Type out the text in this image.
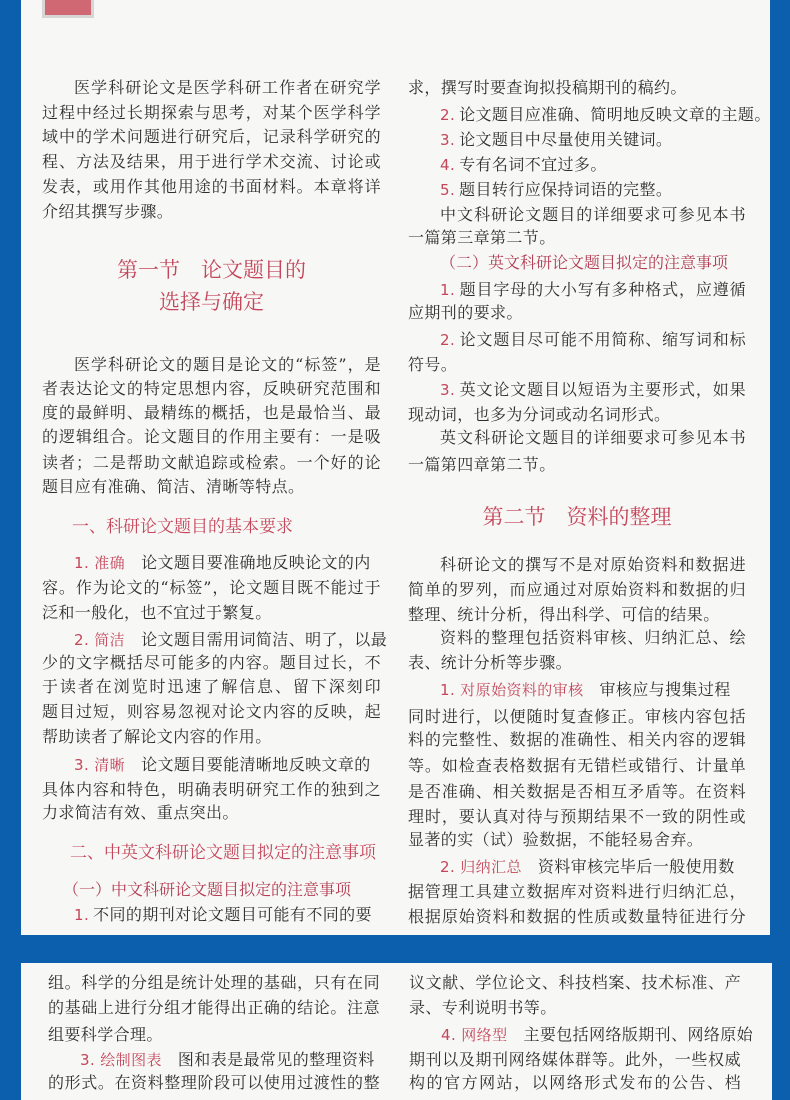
医学科研论文是医学科研工作者在研究学
过程中经过长期探索与思考，对某个医学科学
域中的学术问题进行研究后，记录科学研究的
程、方法及结果，用于进行学术交流、讨论或
发表，或用作其他用途的书面材料。本章将详
介绍其撰写步骤。
第一节　论文题目的
选择与确定
医学科研论文的题目是论文的“标签”，是
者表达论文的特定思想内容，反映研究范围和
度的最鲜明、最精练的概括，也是最恰当、最
的逻辑组合。论文题目的作用主要有：一是吸
读者；二是帮助文献追踪或检索。一个好的论
题目应有准确、简洁、清晰等特点。
一、科研论文题目的基本要求
1. 准确 论文题目要准确地反映论文的内
容。作为论文的“标签”，论文题目既不能过于
泛和一般化，也不宜过于繁复。
2. 简洁 论文题目需用词简洁、明了，以最
少的文字概括尽可能多的内容。题目过长，不
于读者在浏览时迅速了解信息、留下深刻印
题目过短，则容易忽视对论文内容的反映，起
帮助读者了解论文内容的作用。
3. 清晰 论文题目要能清晰地反映文章的
具体内容和特色，明确表明研究工作的独到之
力求简洁有效、重点突出。
二、中英文科研论文题目拟定的注意事项
（一）中文科研论文题目拟定的注意事项
1. 不同的期刊对论文题目可能有不同的要
求，撰写时要查询拟投稿期刊的稿约。
2. 论文题目应准确、简明地反映文章的主题。
3. 论文题目中尽量使用关键词。
4. 专有名词不宜过多。
5. 题目转行应保持词语的完整。
中文科研论文题目的详细要求可参见本书
一篇第三章第二节。
（二）英文科研论文题目拟定的注意事项
1. 题目字母的大小写有多种格式，应遵循
应期刊的要求。
2. 论文题目尽可能不用简称、缩写词和标
符号。
3. 英文论文题目以短语为主要形式，如果
现动词，也多为分词或动名词形式。
英文科研论文题目的详细要求可参见本书
一篇第四章第二节。
第二节　资料的整理
科研论文的撰写不是对原始资料和数据进
简单的罗列，而应通过对原始资料和数据的归
整理、统计分析，得出科学、可信的结果。
资料的整理包括资料审核、归纳汇总、绘
表、统计分析等步骤。
1. 对原始资料的审核 审核应与搜集过程
同时进行，以便随时复查修正。审核内容包括
料的完整性、数据的准确性、相关内容的逻辑
等。如检查表格数据有无错栏或错行、计量单
是否准确、相关数据是否相互矛盾等。在资料
理时，要认真对待与预期结果不一致的阴性或
显著的实（试）验数据，不能轻易舍弃。
2. 归纳汇总 资料审核完毕后一般使用数
据管理工具建立数据库对资料进行归纳汇总，
根据原始资料和数据的性质或数量特征进行分
组。科学的分组是统计处理的基础，只有在同
的基础上进行分组才能得出正确的结论。注意
组要科学合理。
3. 绘制图表 图和表是最常见的整理资料
的形式。在资料整理阶段可以使用过渡性的整
议文献、学位论文、科技档案、技术标准、产
录、专利说明书等。
4. 网络型 主要包括网络版期刊、网络原始
期刊以及期刊网络媒体群等。此外，一些权威
构的官方网站，以网络形式发布的公告、档
